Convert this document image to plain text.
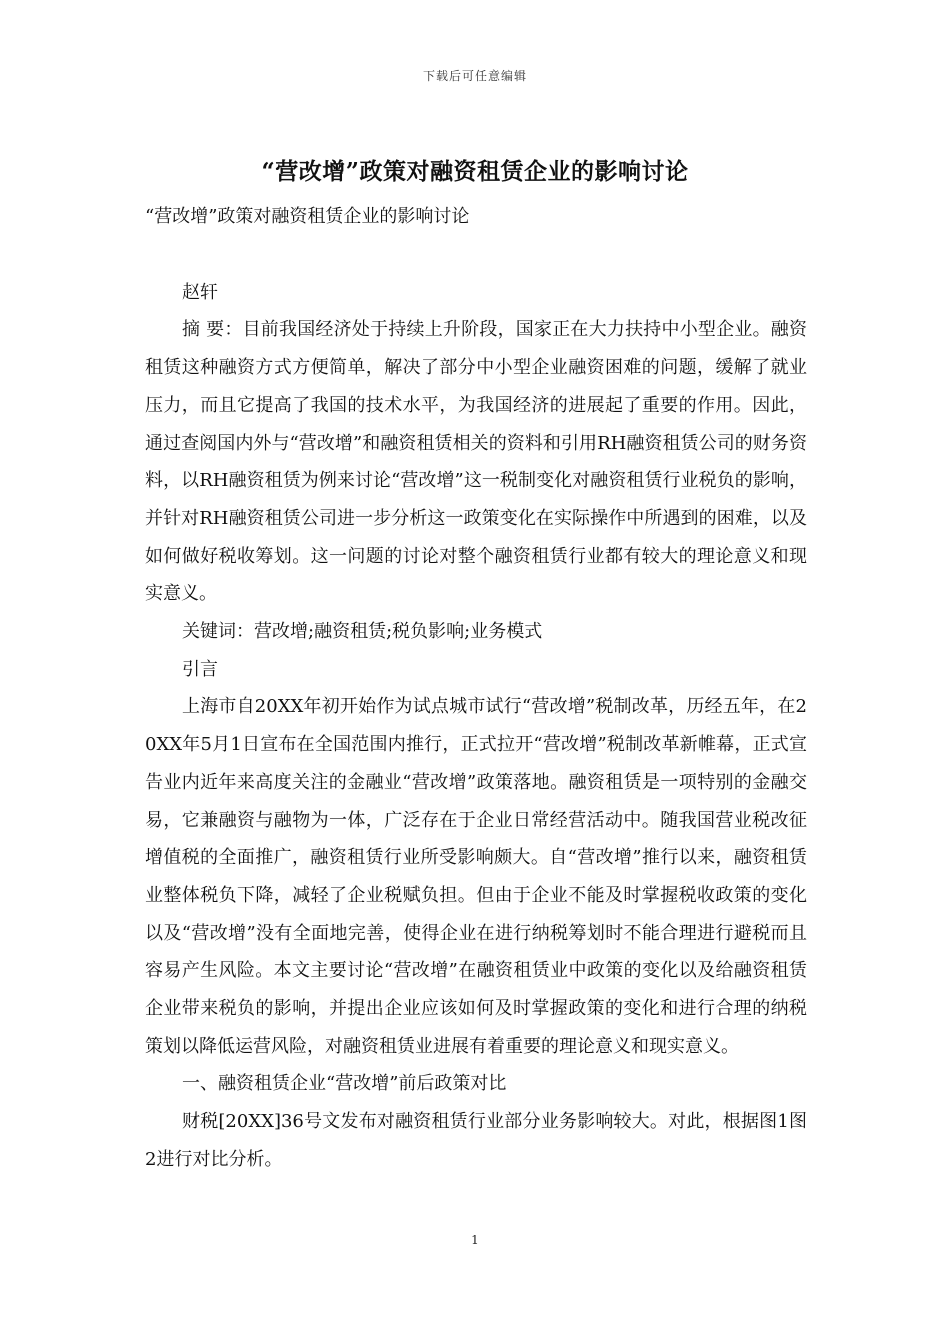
下载后可任意编辑
“营改增”政策对融资租赁企业的影响讨论

“营改增”政策对融资租赁企业的影响讨论

赵轩

摘 要：目前我国经济处于持续上升阶段，国家正在大力扶持中小型企业。融资租赁这种融资方式方便简单，解决了部分中小型企业融资困难的问题，缓解了就业压力，而且它提高了我国的技术水平，为我国经济的进展起了重要的作用。因此，通过查阅国内外与“营改增”和融资租赁相关的资料和引用RH融资租赁公司的财务资料，以RH融资租赁为例来讨论“营改增”这一税制变化对融资租赁行业税负的影响，并针对RH融资租赁公司进一步分析这一政策变化在实际操作中所遇到的困难，以及如何做好税收筹划。这一问题的讨论对整个融资租赁行业都有较大的理论意义和现实意义。

关键词：营改增;融资租赁;税负影响;业务模式

引言

上海市自20XX年初开始作为试点城市试行“营改增”税制改革，历经五年，在20XX年5月1日宣布在全国范围内推行，正式拉开“营改增”税制改革新帷幕，正式宣告业内近年来高度关注的金融业“营改增”政策落地。融资租赁是一项特别的金融交易，它兼融资与融物为一体，广泛存在于企业日常经营活动中。随我国营业税改征增值税的全面推广，融资租赁行业所受影响颇大。自“营改增”推行以来，融资租赁业整体税负下降，减轻了企业税赋负担。但由于企业不能及时掌握税收政策的变化以及“营改增”没有全面地完善，使得企业在进行纳税筹划时不能合理进行避税而且容易产生风险。本文主要讨论“营改增”在融资租赁业中政策的变化以及给融资租赁企业带来税负的影响，并提出企业应该如何及时掌握政策的变化和进行合理的纳税策划以降低运营风险，对融资租赁业进展有着重要的理论意义和现实意义。

一、融资租赁企业“营改增”前后政策对比

财税[20XX]36号文发布对融资租赁行业部分业务影响较大。对此，根据图1图2进行对比分析。

1
